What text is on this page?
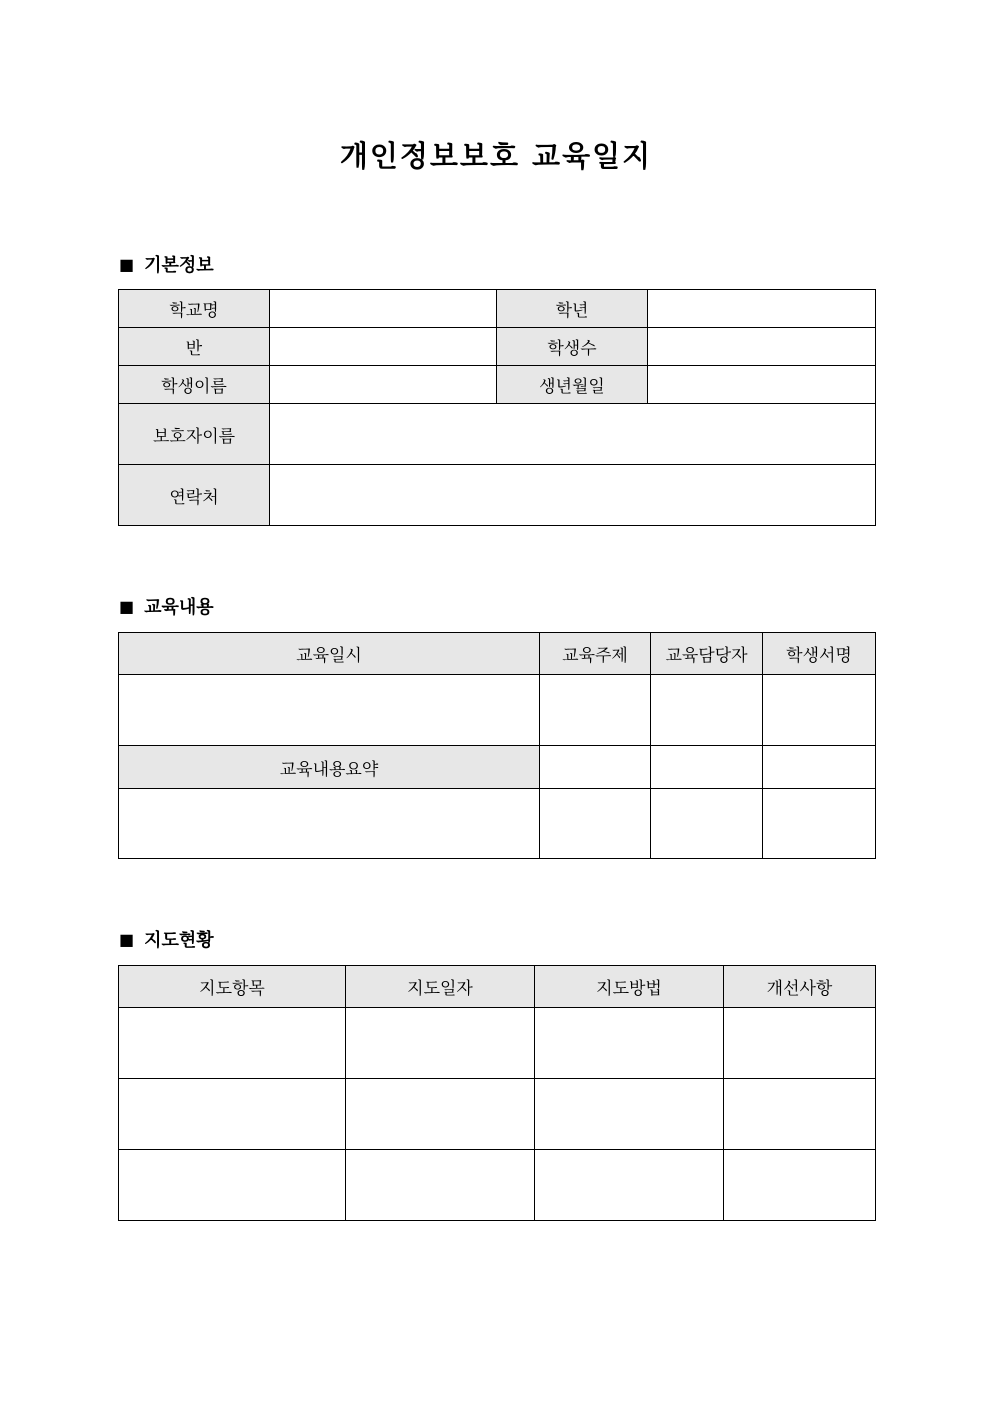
개인정보보호 교육일지
■ 기본정보
학교명		학년	
반		학생수	
학생이름		생년월일	
보호자이름			
연락처			
■ 교육내용
교육일시	교육주제	교육담당자	학생서명

교육내용요약			

■ 지도현황
지도항목	지도일자	지도방법	개선사항
